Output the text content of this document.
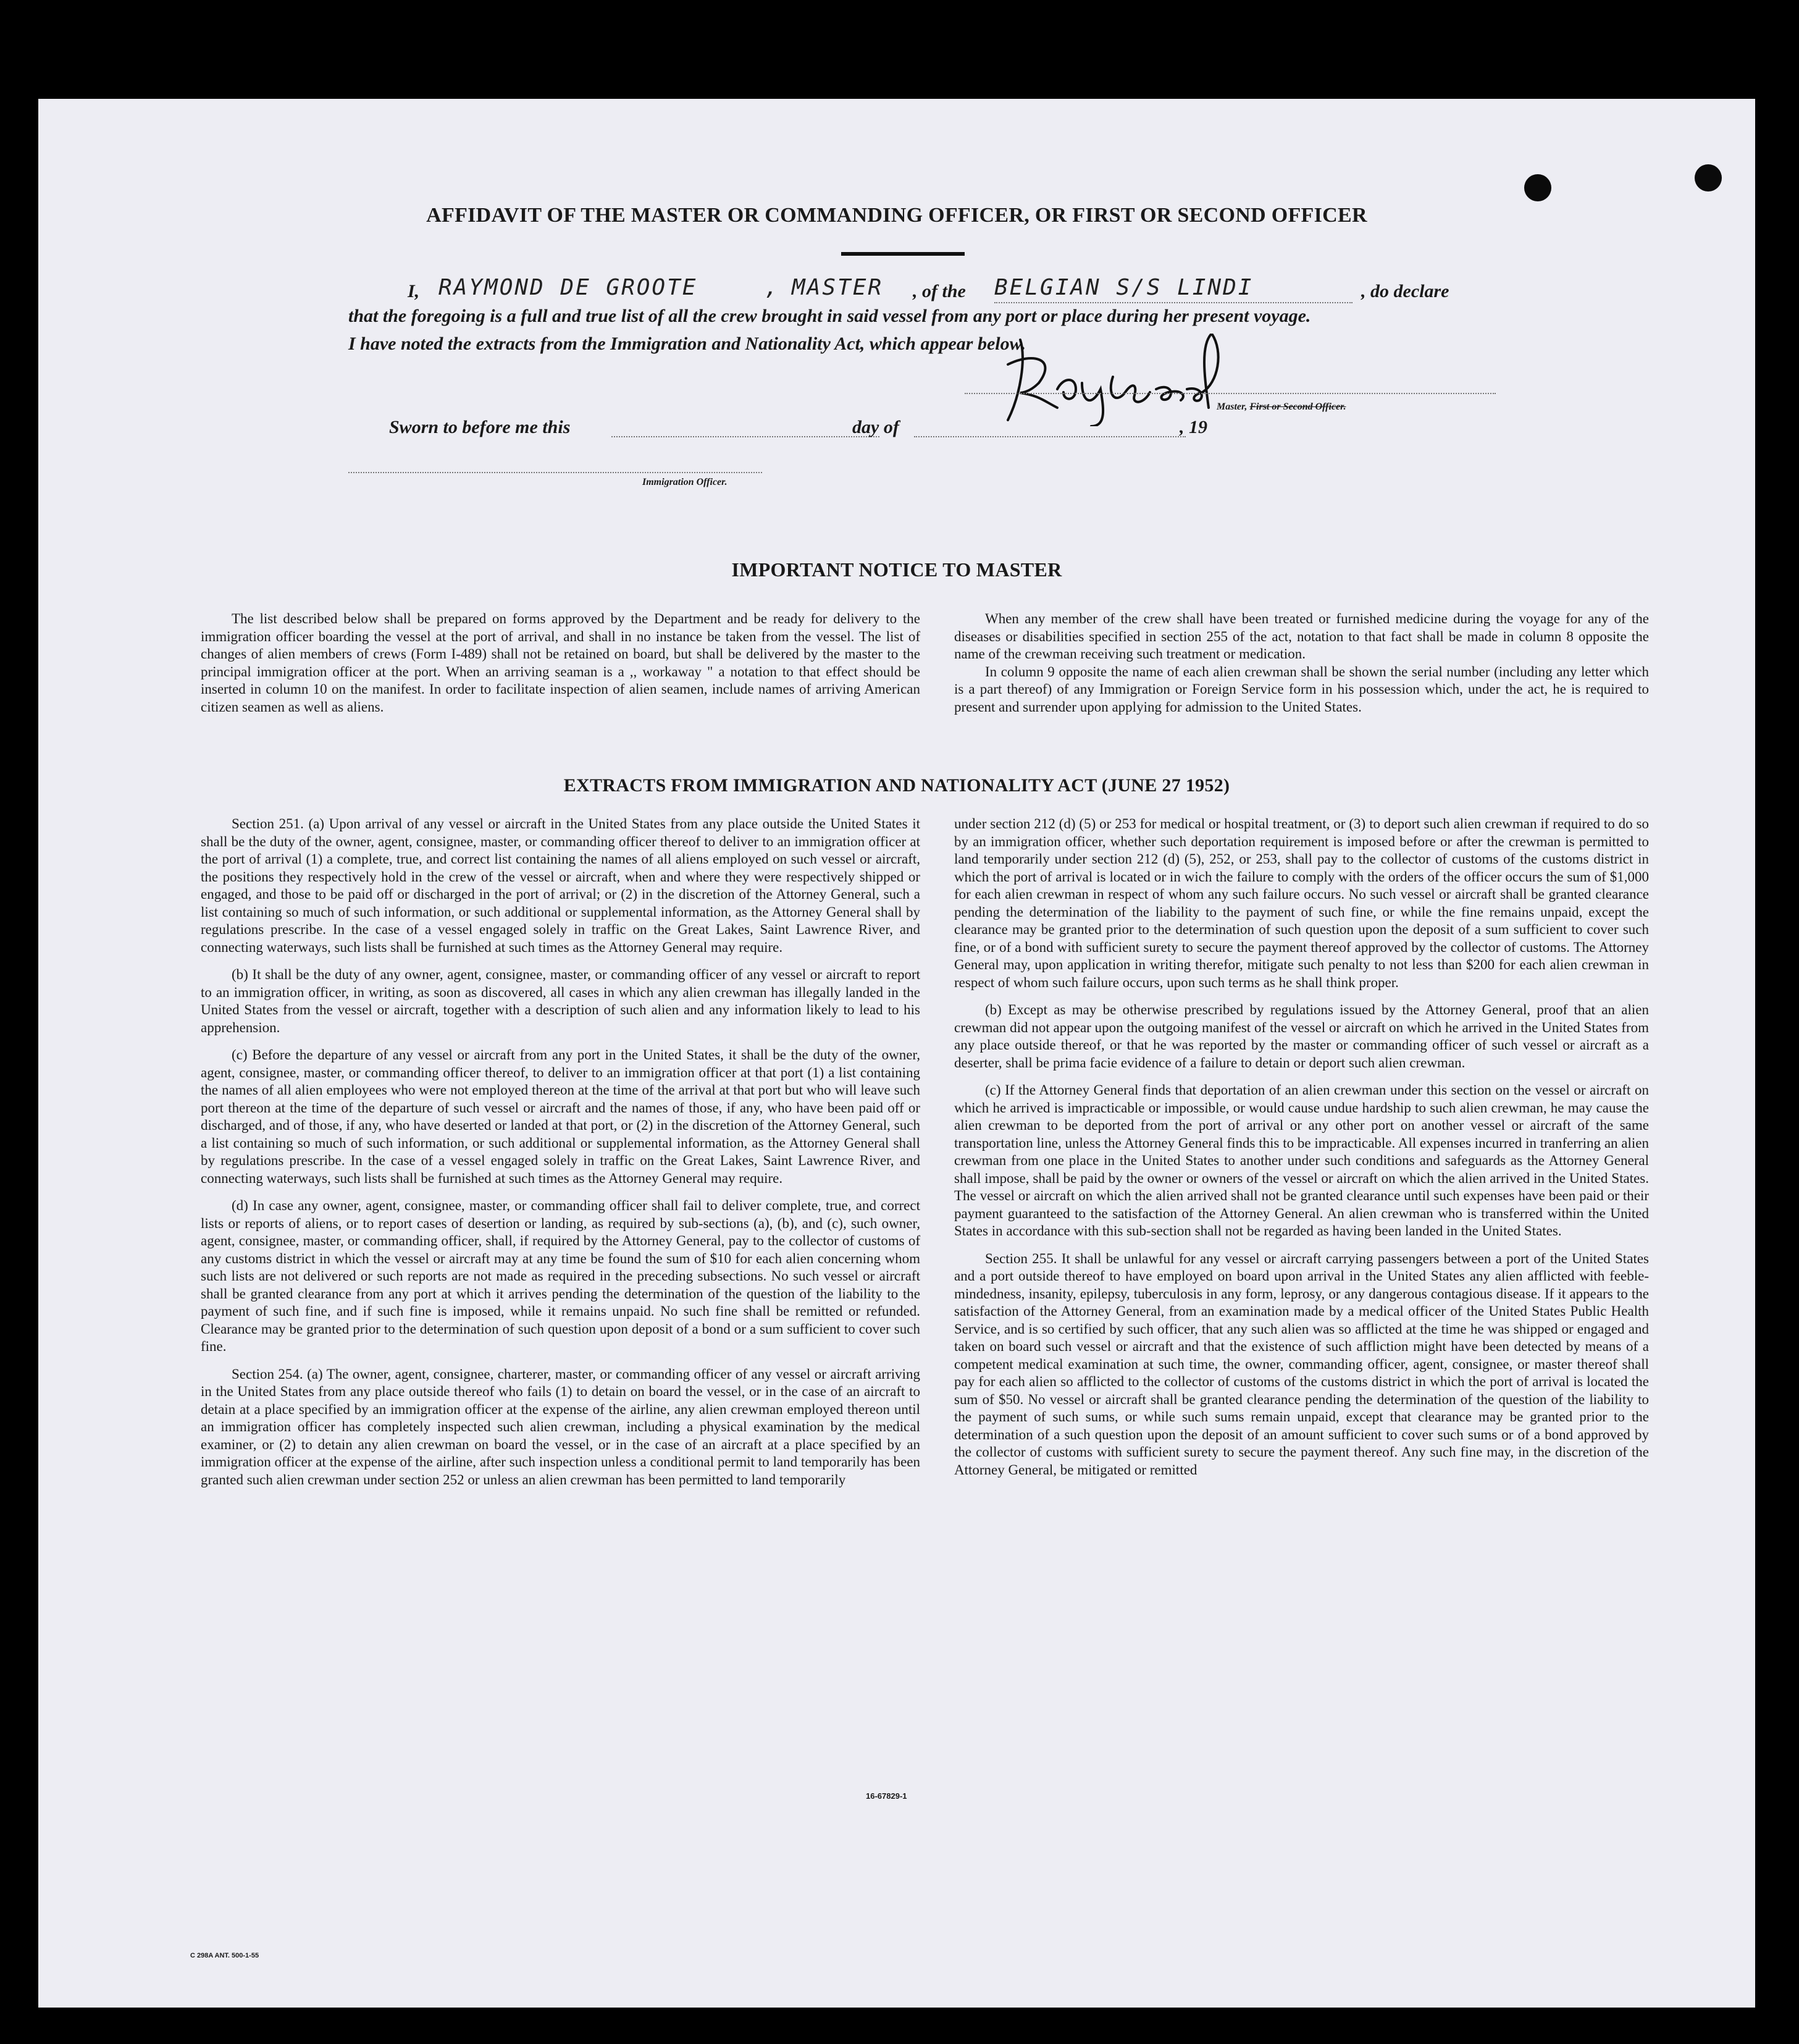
AFFIDAVIT OF THE MASTER OR COMMANDING OFFICER, OR FIRST OR SECOND OFFICER
I, RAYMOND DE GROOTE	, MASTER , of the BELGIAN S/S LINDI	, do declare
that the foregoing is a full and true list of all the crew brought in said vessel from any port or place during her present voyage.
I have noted the extracts from the Immigration and Nationality Act, which appear below.
Master, First or Second Officer.
Sworn to before me this	day of	, 19
Immigration Officer.
IMPORTANT NOTICE TO MASTER

The list described below shall be prepared on forms approved by the Department and be ready for delivery to the immigration officer boarding the vessel at the port of arrival, and shall in no instance be taken from the vessel. The list of changes of alien members of crews (Form I-489) shall not be retained on board, but shall be delivered by the master to the principal immigration officer at the port. When an arriving seaman is a ,, workaway " a notation to that effect should be inserted in column 10 on the manifest. In order to facilitate inspection of alien seamen, include names of arriving American citizen seamen as well as aliens.

When any member of the crew shall have been treated or furnished medicine during the voyage for any of the diseases or disabilities specified in section 255 of the act, notation to that fact shall be made in column 8 opposite the name of the crewman receiving such treatment or medication.

In column 9 opposite the name of each alien crewman shall be shown the serial number (including any letter which is a part thereof) of any Immigration or Foreign Service form in his possession which, under the act, he is required to present and surrender upon applying for admission to the United States.

EXTRACTS FROM IMMIGRATION AND NATIONALITY ACT (JUNE 27 1952)

Section 251. (a) Upon arrival of any vessel or aircraft in the United States from any place outside the United States it shall be the duty of the owner, agent, consignee, master, or commanding officer thereof to deliver to an immigration officer at the port of arrival (1) a complete, true, and correct list containing the names of all aliens employed on such vessel or aircraft, the positions they respectively hold in the crew of the vessel or aircraft, when and where they were respectively shipped or engaged, and those to be paid off or discharged in the port of arrival; or (2) in the discretion of the Attorney General, such a list containing so much of such information, or such additional or supplemental information, as the Attorney General shall by regulations prescribe. In the case of a vessel engaged solely in traffic on the Great Lakes, Saint Lawrence River, and connecting waterways, such lists shall be furnished at such times as the Attorney General may require.

(b) It shall be the duty of any owner, agent, consignee, master, or commanding officer of any vessel or aircraft to report to an immigration officer, in writing, as soon as discovered, all cases in which any alien crewman has illegally landed in the United States from the vessel or aircraft, together with a description of such alien and any information likely to lead to his apprehension.

(c) Before the departure of any vessel or aircraft from any port in the United States, it shall be the duty of the owner, agent, consignee, master, or commanding officer thereof, to deliver to an immigration officer at that port (1) a list containing the names of all alien employees who were not employed thereon at the time of the arrival at that port but who will leave such port thereon at the time of the departure of such vessel or aircraft and the names of those, if any, who have been paid off or discharged, and of those, if any, who have deserted or landed at that port, or (2) in the discretion of the Attorney General, such a list containing so much of such information, or such additional or supplemental information, as the Attorney General shall by regulations prescribe. In the case of a vessel engaged solely in traffic on the Great Lakes, Saint Lawrence River, and connecting waterways, such lists shall be furnished at such times as the Attorney General may require.

(d) In case any owner, agent, consignee, master, or commanding officer shall fail to deliver complete, true, and correct lists or reports of aliens, or to report cases of desertion or landing, as required by sub-sections (a), (b), and (c), such owner, agent, consignee, master, or commanding officer, shall, if required by the Attorney General, pay to the collector of customs of any customs district in which the vessel or aircraft may at any time be found the sum of $10 for each alien concerning whom such lists are not delivered or such reports are not made as required in the preceding subsections. No such vessel or aircraft shall be granted clearance from any port at which it arrives pending the determination of the question of the liability to the payment of such fine, and if such fine is imposed, while it remains unpaid. No such fine shall be remitted or refunded. Clearance may be granted prior to the determination of such question upon deposit of a bond or a sum sufficient to cover such fine.

Section 254. (a) The owner, agent, consignee, charterer, master, or commanding officer of any vessel or aircraft arriving in the United States from any place outside thereof who fails (1) to detain on board the vessel, or in the case of an aircraft to detain at a place specified by an immigration officer at the expense of the airline, any alien crewman employed thereon until an immigration officer has completely inspected such alien crewman, including a physical examination by the medical examiner, or (2) to detain any alien crewman on board the vessel, or in the case of an aircraft at a place specified by an immigration officer at the expense of the airline, after such inspection unless a conditional permit to land temporarily has been granted such alien crewman under section 252 or unless an alien crewman has been permitted to land temporarily

under section 212 (d) (5) or 253 for medical or hospital treatment, or (3) to deport such alien crewman if required to do so by an immigration officer, whether such deportation requirement is imposed before or after the crewman is permitted to land temporarily under section 212 (d) (5), 252, or 253, shall pay to the collector of customs of the customs district in which the port of arrival is located or in wich the failure to comply with the orders of the officer occurs the sum of $1,000 for each alien crewman in respect of whom any such failure occurs. No such vessel or aircraft shall be granted clearance pending the determination of the liability to the payment of such fine, or while the fine remains unpaid, except the clearance may be granted prior to the determination of such question upon the deposit of a sum sufficient to cover such fine, or of a bond with sufficient surety to secure the payment thereof approved by the collector of customs. The Attorney General may, upon application in writing therefor, mitigate such penalty to not less than $200 for each alien crewman in respect of whom such failure occurs, upon such terms as he shall think proper.

(b) Except as may be otherwise prescribed by regulations issued by the Attorney General, proof that an alien crewman did not appear upon the outgoing manifest of the vessel or aircraft on which he arrived in the United States from any place outside thereof, or that he was reported by the master or commanding officer of such vessel or aircraft as a deserter, shall be prima facie evidence of a failure to detain or deport such alien crewman.

(c) If the Attorney General finds that deportation of an alien crewman under this section on the vessel or aircraft on which he arrived is impracticable or impossible, or would cause undue hardship to such alien crewman, he may cause the alien crewman to be deported from the port of arrival or any other port on another vessel or aircraft of the same transportation line, unless the Attorney General finds this to be impracticable. All expenses incurred in tranferring an alien crewman from one place in the United States to another under such conditions and safeguards as the Attorney General shall impose, shall be paid by the owner or owners of the vessel or aircraft on which the alien arrived in the United States. The vessel or aircraft on which the alien arrived shall not be granted clearance until such expenses have been paid or their payment guaranteed to the satisfaction of the Attorney General. An alien crewman who is transferred within the United States in accordance with this sub-section shall not be regarded as having been landed in the United States.

Section 255. It shall be unlawful for any vessel or aircraft carrying passengers between a port of the United States and a port outside thereof to have employed on board upon arrival in the United States any alien afflicted with feeble-mindedness, insanity, epilepsy, tuberculosis in any form, leprosy, or any dangerous contagious disease. If it appears to the satisfaction of the Attorney General, from an examination made by a medical officer of the United States Public Health Service, and is so certified by such officer, that any such alien was so afflicted at the time he was shipped or engaged and taken on board such vessel or aircraft and that the existence of such affliction might have been detected by means of a competent medical examination at such time, the owner, commanding officer, agent, consignee, or master thereof shall pay for each alien so afflicted to the collector of customs of the customs district in which the port of arrival is located the sum of $50. No vessel or aircraft shall be granted clearance pending the determination of the question of the liability to the payment of such sums, or while such sums remain unpaid, except that clearance may be granted prior to the determination of a such question upon the deposit of an amount sufficient to cover such sums or of a bond approved by the collector of customs with sufficient surety to secure the payment thereof. Any such fine may, in the discretion of the Attorney General, be mitigated or remitted

16-67829-1
C 298A ANT. 500-1-55
